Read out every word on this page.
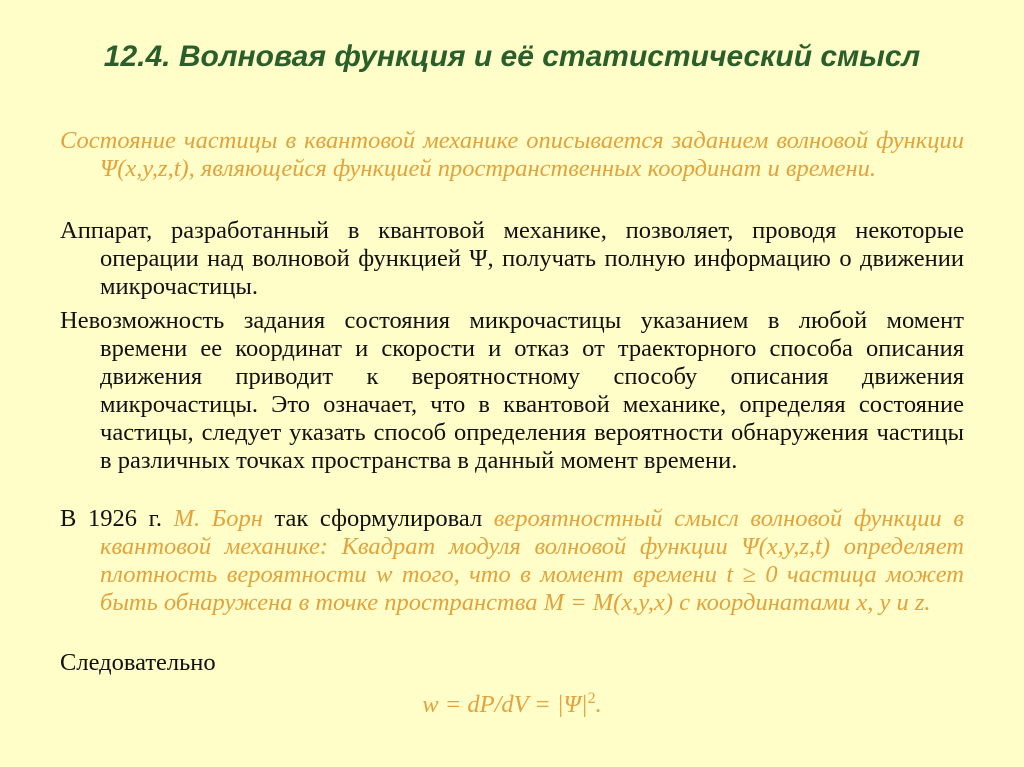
12.4. Волновая функция и её статистический смысл
Состояние частицы в квантовой механике описывается заданием волновой функции Ψ(x,y,z,t), являющейся функцией пространственных координат и времени.
Аппарат, разработанный в квантовой механике, позволяет, проводя некоторые операции над волновой функцией Ψ, получать полную информацию о движении микрочастицы.
Невозможность задания состояния микрочастицы указанием в любой момент времени ее координат и скорости и отказ от траекторного способа описания движения приводит к вероятностному способу описания движения микрочастицы. Это означает, что в квантовой механике, определяя состояние частицы, следует указать способ определения вероятности обнаружения частицы в различных точках пространства в данный момент времени.
В 1926 г. М. Борн так сформулировал вероятностный смысл волновой функции в квантовой механике: Квадрат модуля волновой функции Ψ(x,y,z,t) определяет плотность вероятности w того, что в момент времени t ≥ 0 частица может быть обнаружена в точке пространства М = М(x,y,x) с координатами x, y и z.
Следовательно
$w = dP/dV = |\Psi|^2$.
